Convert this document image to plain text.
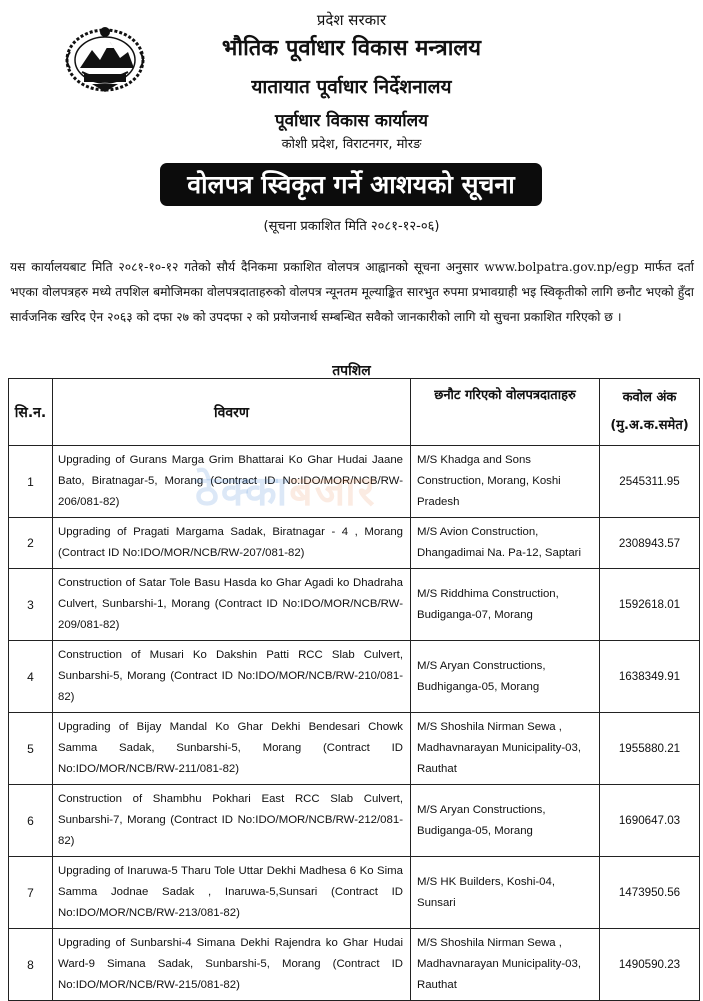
प्रदेश सरकार
भौतिक पूर्वाधार विकास मन्त्रालय
यातायात पूर्वाधार निर्देशनालय
पूर्वाधार विकास कार्यालय
कोशी प्रदेश, विराटनगर, मोरङ
वोलपत्र स्विकृत गर्ने आशयको सूचना
(सूचना प्रकाशित मिति २०८१-१२-०६)
यस कार्यालयबाट मिति २०८१-१०-१२ गतेको सौर्य दैनिकमा प्रकाशित वोलपत्र आह्वानको सूचना अनुसार www.bolpatra.gov.np/egp मार्फत दर्ता भएका वोलपत्रहरु मध्ये तपशिल बमोजिमका वोलपत्रदाताहरुको वोलपत्र न्यूनतम मूल्याङ्कित सारभुत रुपमा प्रभावग्राही भइ स्विकृतीको लागि छनौट भएको हुँदा सार्वजनिक खरिद ऐन २०६३ को दफा २७ को उपदफा २ को प्रयोजनार्थ सम्बन्धित सवैको जानकारीको लागि यो सुचना प्रकाशित गरिएको छ ।
तपशिल
सि.न.	विवरण	छनौट गरिएको वोलपत्रदाताहरु	कवोल अंक
(मु.अ.क.समेत)

1	Upgrading of Gurans Marga Grim Bhattarai Ko Ghar Hudai Jaane Bato, Biratnagar-5, Morang (Contract ID No:IDO/MOR/NCB/RW-206/081-82)	M/S Khadga and Sons Construction, Morang, Koshi Pradesh	2545311.95
2	Upgrading of Pragati Margama Sadak, Biratnagar - 4 , Morang (Contract ID No:IDO/MOR/NCB/RW-207/081-82)	M/S Avion Construction, Dhangadimai Na. Pa-12, Saptari	2308943.57
3	Construction of Satar Tole Basu Hasda ko Ghar Agadi ko Dhadraha Culvert, Sunbarshi-1, Morang (Contract ID No:IDO/MOR/NCB/RW-209/081-82)	M/S Riddhima Construction, Budiganga-07, Morang	1592618.01
4	Construction of Musari Ko Dakshin Patti RCC Slab Culvert, Sunbarshi-5, Morang (Contract ID No:IDO/MOR/NCB/RW-210/081-82)	M/S Aryan Constructions, Budhiganga-05, Morang	1638349.91
5	Upgrading of Bijay Mandal Ko Ghar Dekhi Bendesari Chowk Samma Sadak, Sunbarshi-5, Morang (Contract ID No:IDO/MOR/NCB/RW-211/081-82)	M/S Shoshila Nirman Sewa , Madhavnarayan Municipality-03, Rauthat	1955880.21
6	Construction of Shambhu Pokhari East RCC Slab Culvert, Sunbarshi-7, Morang (Contract ID No:IDO/MOR/NCB/RW-212/081-82)	M/S Aryan Constructions, Budiganga-05, Morang	1690647.03
7	Upgrading of Inaruwa-5 Tharu Tole Uttar Dekhi Madhesa 6 Ko Sima Samma Jodnae Sadak , Inaruwa-5,Sunsari (Contract ID No:IDO/MOR/NCB/RW-213/081-82)	M/S HK Builders, Koshi-04, Sunsari	1473950.56
8	Upgrading of Sunbarshi-4 Simana Dekhi Rajendra ko Ghar Hudai Ward-9 Simana Sadak, Sunbarshi-5, Morang (Contract ID No:IDO/MOR/NCB/RW-215/081-82)	M/S Shoshila Nirman Sewa , Madhavnarayan Municipality-03, Rauthat	1490590.23
ठेक्काबजार
